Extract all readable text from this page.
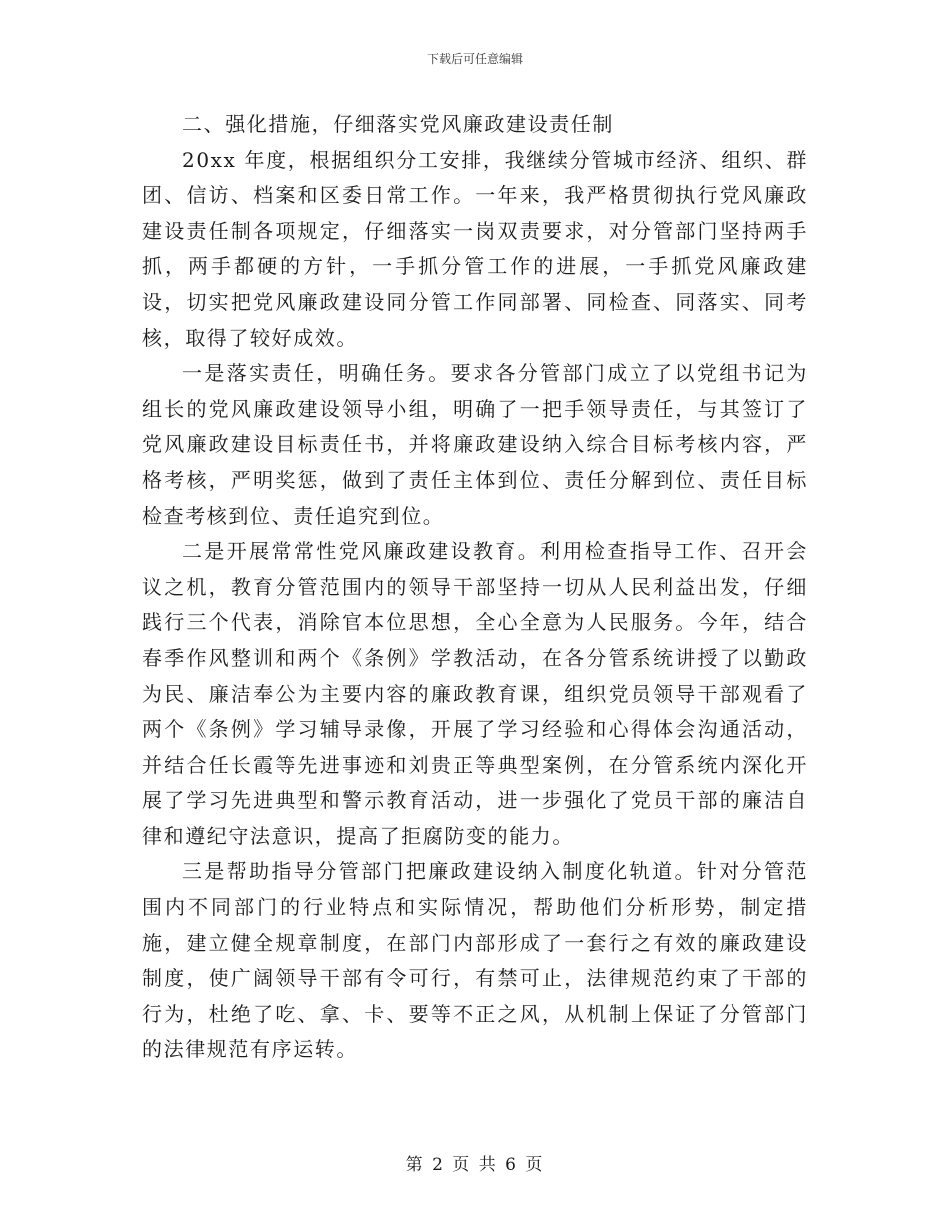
下载后可任意编辑

二、强化措施，仔细落实党风廉政建设责任制

20xx 年度，根据组织分工安排，我继续分管城市经济、组织、群团、信访、档案和区委日常工作。一年来，我严格贯彻执行党风廉政建设责任制各项规定，仔细落实一岗双责要求，对分管部门坚持两手抓，两手都硬的方针，一手抓分管工作的进展，一手抓党风廉政建设，切实把党风廉政建设同分管工作同部署、同检查、同落实、同考核，取得了较好成效。

一是落实责任，明确任务。要求各分管部门成立了以党组书记为组长的党风廉政建设领导小组，明确了一把手领导责任，与其签订了党风廉政建设目标责任书，并将廉政建设纳入综合目标考核内容，严格考核，严明奖惩，做到了责任主体到位、责任分解到位、责任目标检查考核到位、责任追究到位。

二是开展常常性党风廉政建设教育。利用检查指导工作、召开会议之机，教育分管范围内的领导干部坚持一切从人民利益出发，仔细践行三个代表，消除官本位思想，全心全意为人民服务。今年，结合春季作风整训和两个《条例》学教活动，在各分管系统讲授了以勤政为民、廉洁奉公为主要内容的廉政教育课，组织党员领导干部观看了两个《条例》学习辅导录像，开展了学习经验和心得体会沟通活动，并结合任长霞等先进事迹和刘贵正等典型案例，在分管系统内深化开展了学习先进典型和警示教育活动，进一步强化了党员干部的廉洁自律和遵纪守法意识，提高了拒腐防变的能力。

三是帮助指导分管部门把廉政建设纳入制度化轨道。针对分管范围内不同部门的行业特点和实际情况，帮助他们分析形势，制定措施，建立健全规章制度，在部门内部形成了一套行之有效的廉政建设制度，使广阔领导干部有令可行，有禁可止，法律规范约束了干部的行为，杜绝了吃、拿、卡、要等不正之风，从机制上保证了分管部门的法律规范有序运转。

第 2 页 共 6 页
